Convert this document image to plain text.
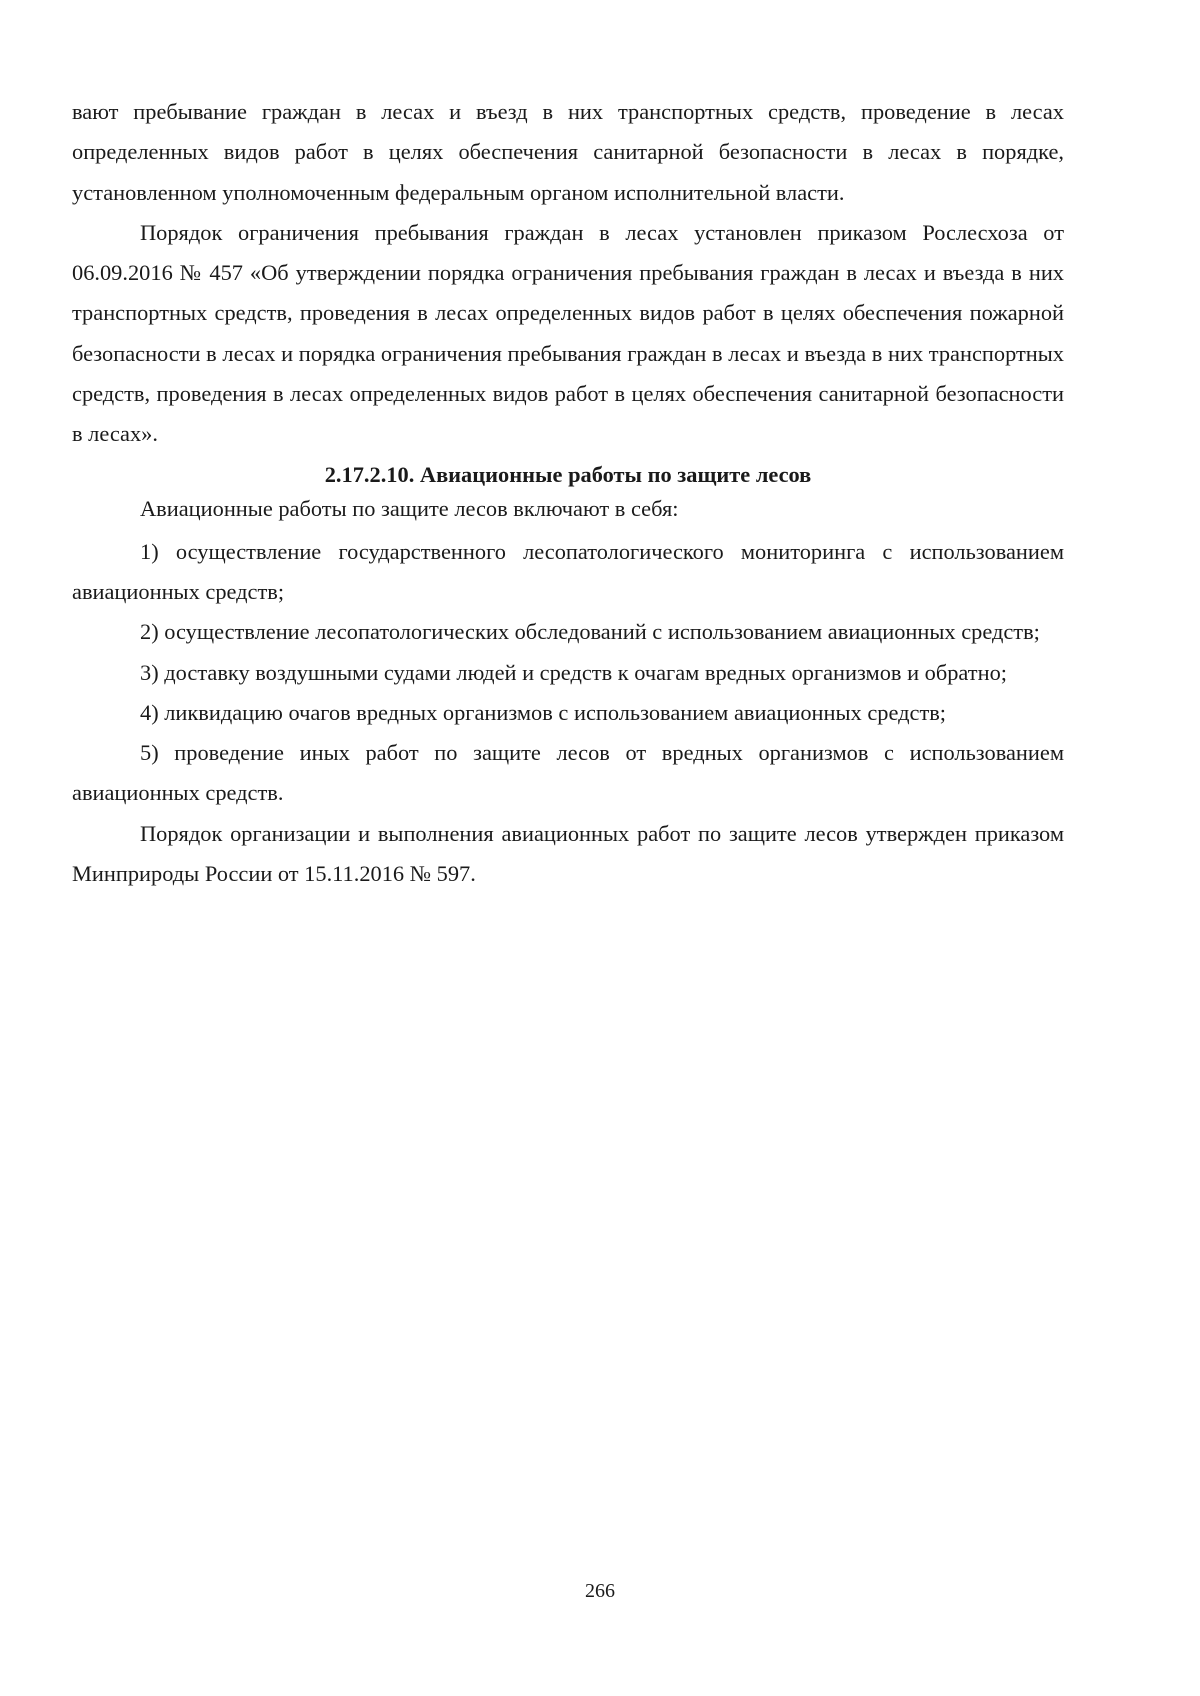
вают пребывание граждан в лесах и въезд в них транспортных средств, проведение в лесах определенных видов работ в целях обеспечения санитарной безопасности в лесах в порядке, установленном уполномоченным федеральным органом исполнительной власти.

Порядок ограничения пребывания граждан в лесах установлен приказом Рослесхоза от 06.09.2016 № 457 «Об утверждении порядка ограничения пребывания граждан в лесах и въезда в них транспортных средств, проведения в лесах определенных видов работ в целях обеспечения пожарной безопасности в лесах и порядка ограничения пребывания граждан в лесах и въезда в них транспортных средств, проведения в лесах определенных видов работ в целях обеспечения санитарной безопасности в лесах».

2.17.2.10. Авиационные работы по защите лесов

Авиационные работы по защите лесов включают в себя:

1) осуществление государственного лесопатологического мониторинга с использованием авиационных средств;

2) осуществление лесопатологических обследований с использованием авиационных средств;

3) доставку воздушными судами людей и средств к очагам вредных организмов и обратно;

4) ликвидацию очагов вредных организмов с использованием авиационных средств;

5) проведение иных работ по защите лесов от вредных организмов с использованием авиационных средств.

Порядок организации и выполнения авиационных работ по защите лесов утвержден приказом Минприроды России от 15.11.2016 № 597.

266
